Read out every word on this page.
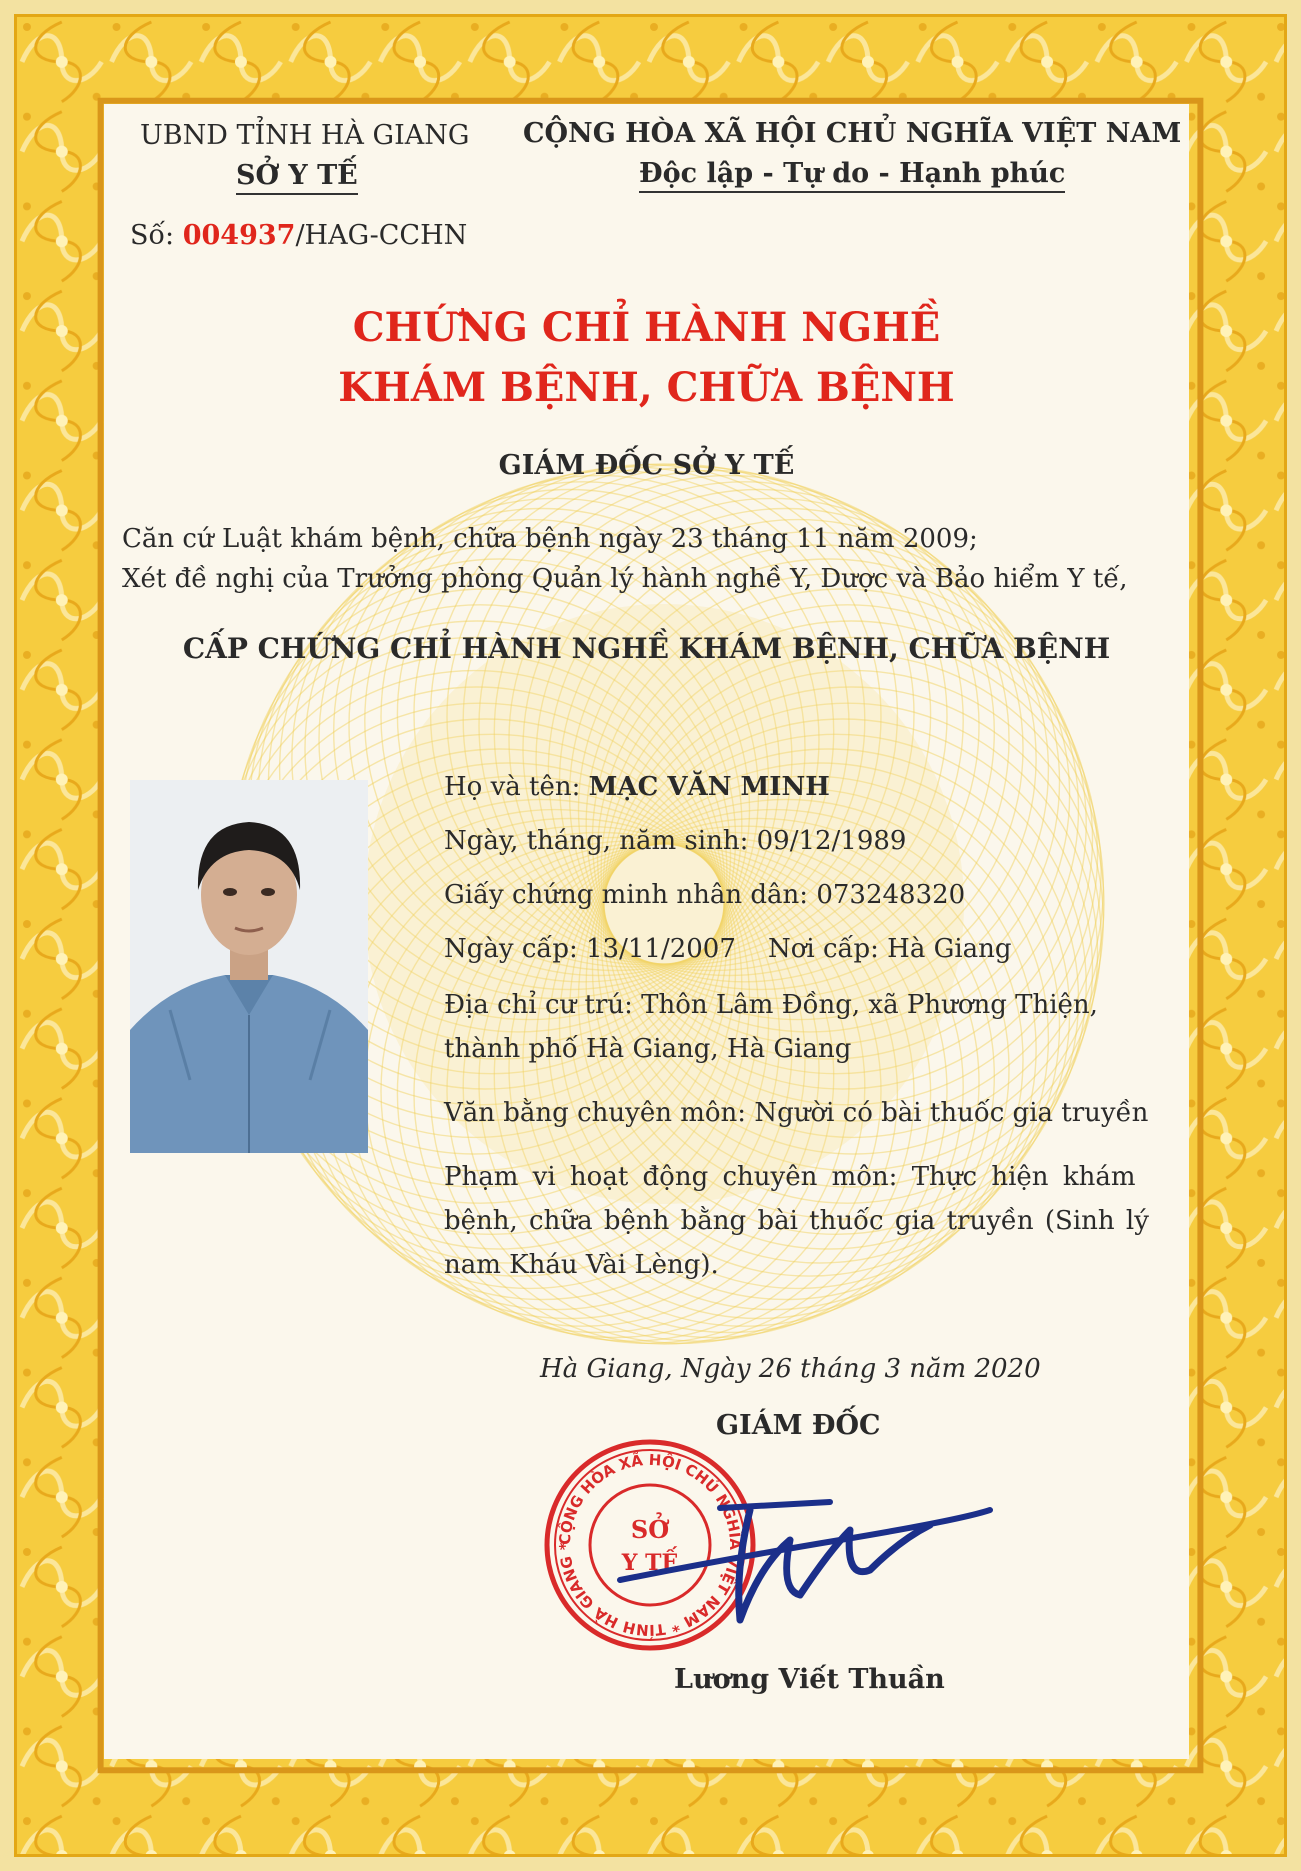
UBND TỈNH HÀ GIANG
SỞ Y TẾ
Số: 004937/HAG-CCHN
CỘNG HÒA XÃ HỘI CHỦ NGHĨA VIỆT NAM
Độc lập - Tự do - Hạnh phúc
CHỨNG CHỈ HÀNH NGHỀ
KHÁM BỆNH, CHỮA BỆNH
GIÁM ĐỐC SỞ Y TẾ
Căn cứ Luật khám bệnh, chữa bệnh ngày 23 tháng 11 năm 2009;
Xét đề nghị của Trưởng phòng Quản lý hành nghề Y, Dược và Bảo hiểm Y tế,
CẤP CHỨNG CHỈ HÀNH NGHỀ KHÁM BỆNH, CHỮA BỆNH
Họ và tên: MẠC VĂN MINH
Ngày, tháng, năm sinh: 09/12/1989
Giấy chứng minh nhân dân: 073248320
Ngày cấp: 13/11/2007 Nơi cấp: Hà Giang
Địa chỉ cư trú: Thôn Lâm Đồng, xã Phương Thiện,
thành phố Hà Giang, Hà Giang
Văn bằng chuyên môn: Người có bài thuốc gia truyền
Phạm vi hoạt động chuyên môn: Thực hiện khám
bệnh, chữa bệnh bằng bài thuốc gia truyền (Sinh lý
nam Kháu Vài Lèng).
Hà Giang, Ngày 26 tháng 3 năm 2020
GIÁM ĐỐC
Lương Viết Thuần
CỘNG HÒA XÃ HỘI CHỦ NGHĨA VIỆT NAM * TỈNH HÀ GIANG *
SỞ
Y TẾ
